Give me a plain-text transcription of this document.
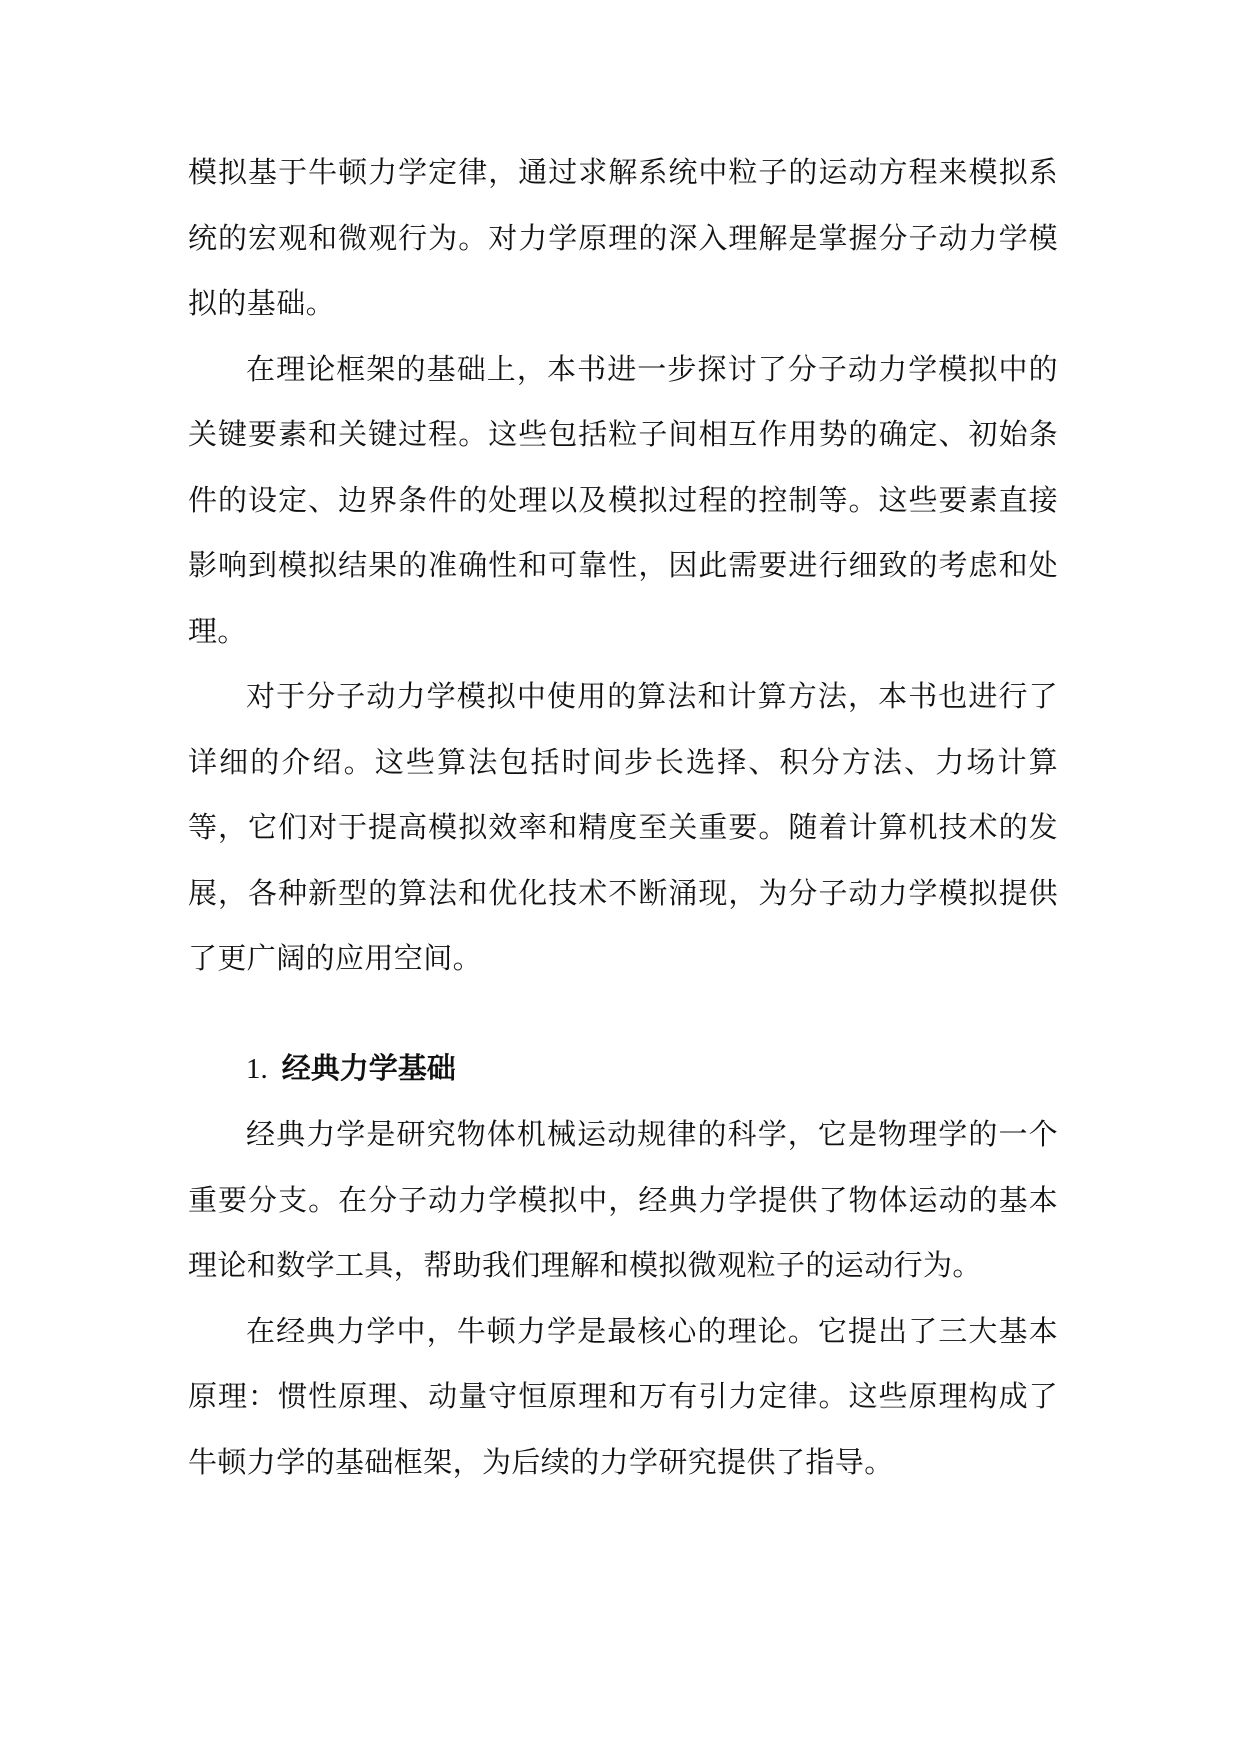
模拟基于牛顿力学定律，通过求解系统中粒子的运动方程来模拟系统的宏观和微观行为。对力学原理的深入理解是掌握分子动力学模拟的基础。

在理论框架的基础上，本书进一步探讨了分子动力学模拟中的关键要素和关键过程。这些包括粒子间相互作用势的确定、初始条件的设定、边界条件的处理以及模拟过程的控制等。这些要素直接影响到模拟结果的准确性和可靠性，因此需要进行细致的考虑和处理。

对于分子动力学模拟中使用的算法和计算方法，本书也进行了详细的介绍。这些算法包括时间步长选择、积分方法、力场计算等，它们对于提高模拟效率和精度至关重要。随着计算机技术的发展，各种新型的算法和优化技术不断涌现，为分子动力学模拟提供了更广阔的应用空间。

1. 经典力学基础

经典力学是研究物体机械运动规律的科学，它是物理学的一个重要分支。在分子动力学模拟中，经典力学提供了物体运动的基本理论和数学工具，帮助我们理解和模拟微观粒子的运动行为。

在经典力学中，牛顿力学是最核心的理论。它提出了三大基本原理：惯性原理、动量守恒原理和万有引力定律。这些原理构成了牛顿力学的基础框架，为后续的力学研究提供了指导。
